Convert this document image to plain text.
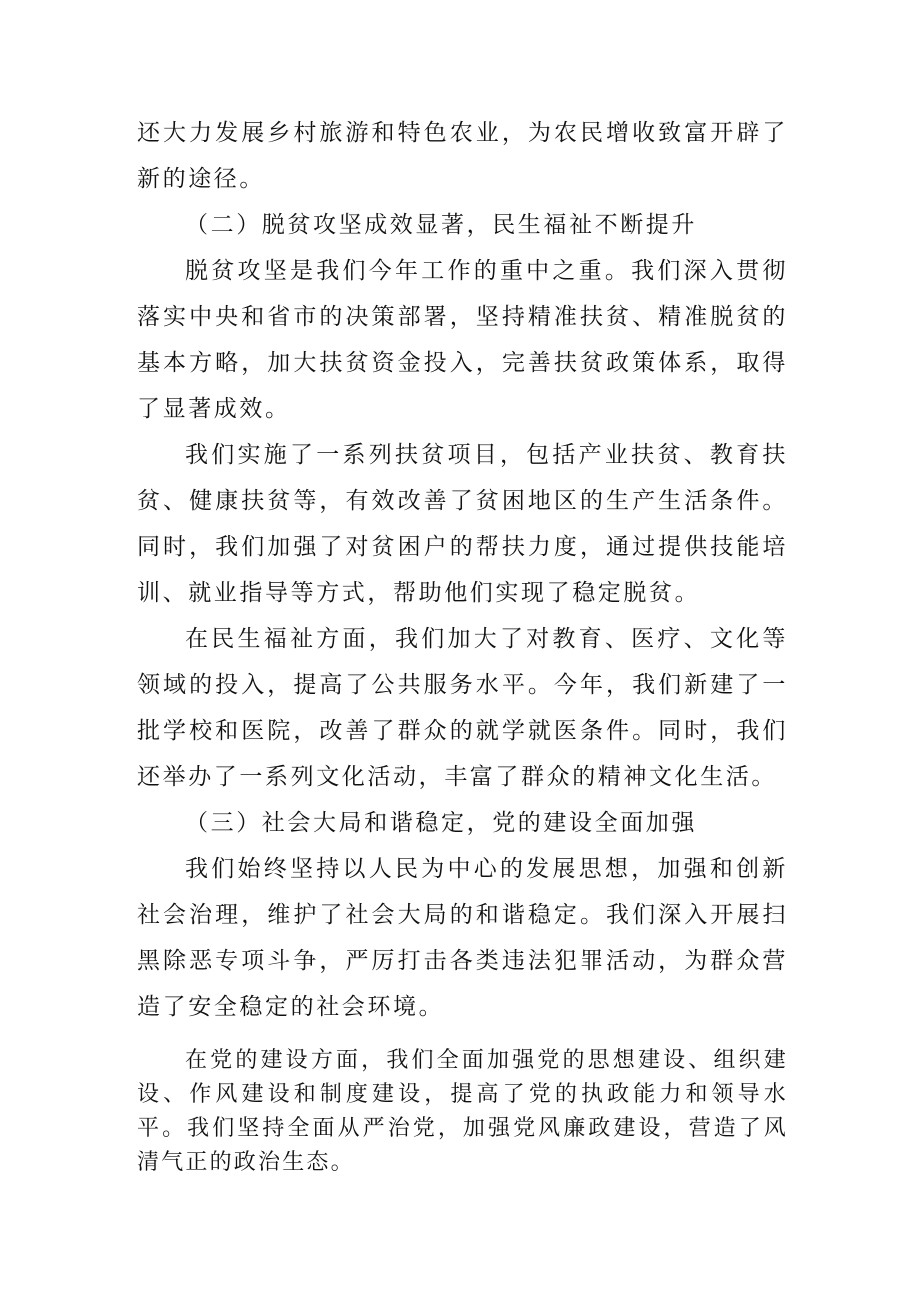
还大力发展乡村旅游和特色农业，为农民增收致富开辟了新的途径。

（二）脱贫攻坚成效显著，民生福祉不断提升

脱贫攻坚是我们今年工作的重中之重。我们深入贯彻落实中央和省市的决策部署，坚持精准扶贫、精准脱贫的基本方略，加大扶贫资金投入，完善扶贫政策体系，取得了显著成效。

我们实施了一系列扶贫项目，包括产业扶贫、教育扶贫、健康扶贫等，有效改善了贫困地区的生产生活条件。同时，我们加强了对贫困户的帮扶力度，通过提供技能培训、就业指导等方式，帮助他们实现了稳定脱贫。

在民生福祉方面，我们加大了对教育、医疗、文化等领域的投入，提高了公共服务水平。今年，我们新建了一批学校和医院，改善了群众的就学就医条件。同时，我们还举办了一系列文化活动，丰富了群众的精神文化生活。

（三）社会大局和谐稳定，党的建设全面加强

我们始终坚持以人民为中心的发展思想，加强和创新社会治理，维护了社会大局的和谐稳定。我们深入开展扫黑除恶专项斗争，严厉打击各类违法犯罪活动，为群众营造了安全稳定的社会环境。

在党的建设方面，我们全面加强党的思想建设、组织建设、作风建设和制度建设，提高了党的执政能力和领导水平。我们坚持全面从严治党，加强党风廉政建设，营造了风清气正的政治生态。
